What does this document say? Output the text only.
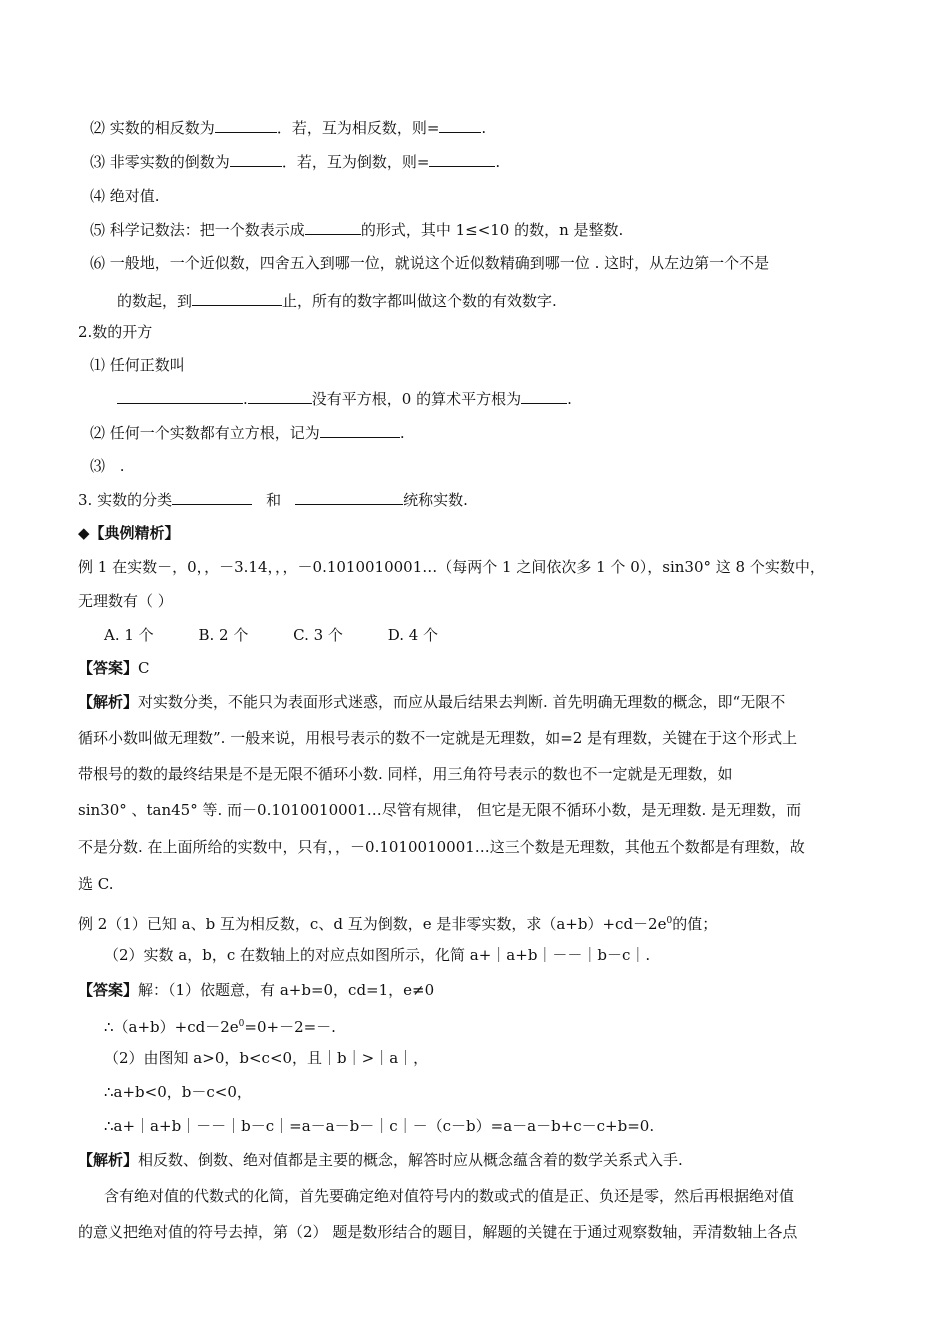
⑵ 实数的相反数为	．若，互为相反数，则=	.
⑶ 非零实数的倒数为	．若，互为倒数，则=	.
⑷ 绝对值.
⑸ 科学记数法：把一个数表示成	的形式，其中 1≤<10 的数，n 是整数.
⑹ 一般地，一个近似数，四舍五入到哪一位，就说这个近似数精确到哪一位 . 这时，从左边第一个不是
的数起，到	止，所有的数字都叫做这个数的有效数字.
2.数的开方
⑴ 任何正数叫
.	没有平方根，0 的算术平方根为	.
⑵ 任何一个实数都有立方根，记为	.
⑶ .
3. 实数的分类	和	统称实数.
◆【典例精析】
例 1 在实数－，0，，－3.14，，，－0.1010010001…（每两个 1 之间依次多 1 个 0），sin30° 这 8 个实数中，
无理数有（ ）
A. 1 个	B. 2 个	C. 3 个	D. 4 个
【答案】C
【解析】对实数分类，不能只为表面形式迷惑，而应从最后结果去判断. 首先明确无理数的概念，即“无限不
循环小数叫做无理数”. 一般来说，用根号表示的数不一定就是无理数，如=2 是有理数，关键在于这个形式上
带根号的数的最终结果是不是无限不循环小数. 同样，用三角符号表示的数也不一定就是无理数，如
sin30° 、tan45° 等. 而－0.1010010001…尽管有规律， 但它是无限不循环小数，是无理数. 是无理数，而
不是分数. 在上面所给的实数中，只有，，－0.1010010001…这三个数是无理数，其他五个数都是有理数，故
选 C.
例 2（1）已知 a、b 互为相反数，c、d 互为倒数，e 是非零实数，求$(a+b)+cd-2e^0$的值；
（2）实数 a，b，c 在数轴上的对应点如图所示，化简 a+｜a+b｜－－｜b－c｜.
【答案】解：（1）依题意，有 a+b=0，cd=1，e≠0
$\therefore(a+b)+cd-2e^0=0+-2=-$.
（2）由图知 a>0，b<c<0，且｜b｜>｜a｜，
∴a+b<0，b－c<0，
∴a+｜a+b｜－－｜b－c｜=a－a－b－｜c｜－（c－b）=a－a－b+c－c+b=0.
【解析】相反数、倒数、绝对值都是主要的概念，解答时应从概念蕴含着的数学关系式入手.
含有绝对值的代数式的化简，首先要确定绝对值符号内的数或式的值是正、负还是零，然后再根据绝对值
的意义把绝对值的符号去掉，第（2） 题是数形结合的题目，解题的关键在于通过观察数轴，弄清数轴上各点
